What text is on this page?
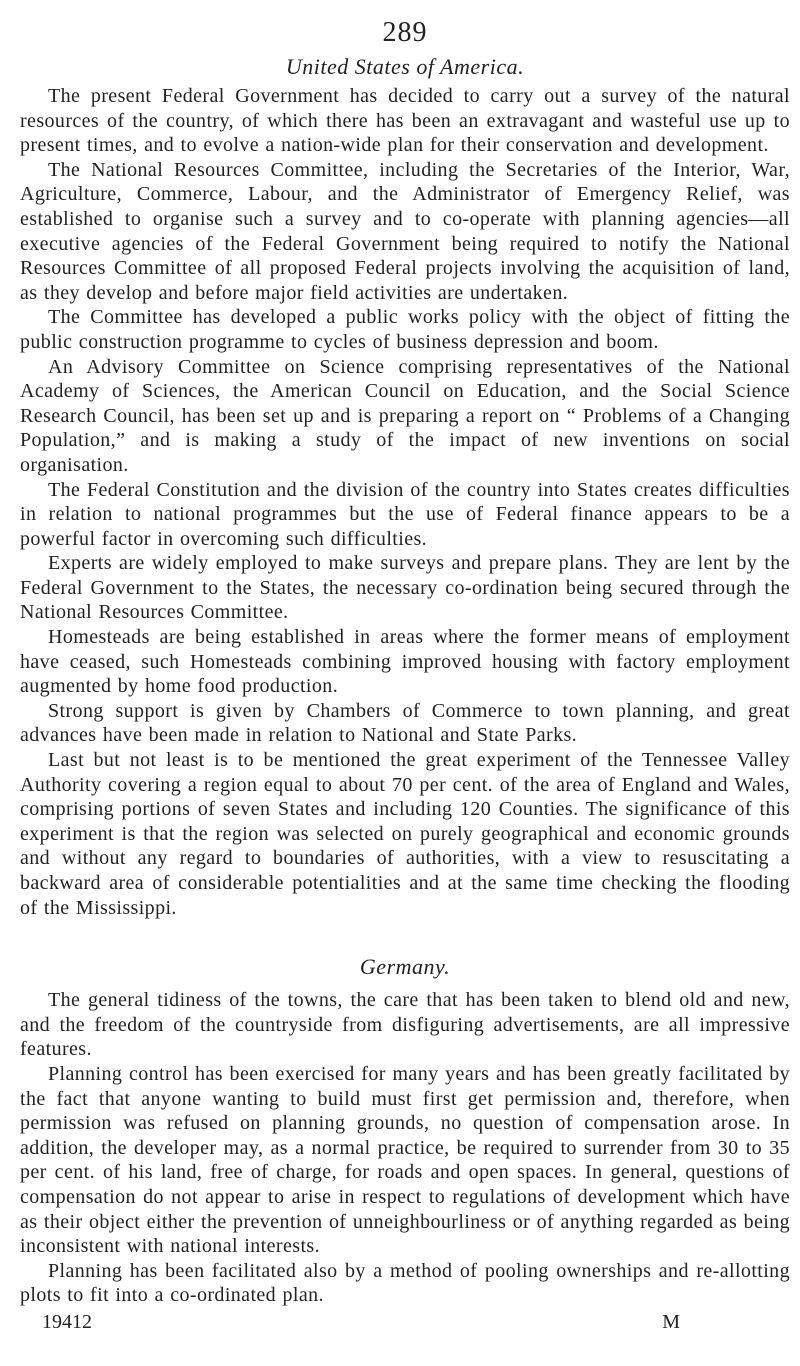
289
United States of America.

The present Federal Government has decided to carry out a survey of the natural resources of the country, of which there has been an extravagant and wasteful use up to present times, and to evolve a nation-wide plan for their conservation and development.

The National Resources Committee, including the Secretaries of the Interior, War, Agriculture, Commerce, Labour, and the Administrator of Emergency Relief, was established to organise such a survey and to co-operate with planning agencies—all executive agencies of the Federal Government being required to notify the National Resources Committee of all proposed Federal projects involving the acquisition of land, as they develop and before major field activities are undertaken.

The Committee has developed a public works policy with the object of fitting the public construction programme to cycles of business depression and boom.

An Advisory Committee on Science comprising representatives of the National Academy of Sciences, the American Council on Education, and the Social Science Research Council, has been set up and is preparing a report on “ Problems of a Changing Population,” and is making a study of the impact of new inventions on social organisation.

The Federal Constitution and the division of the country into States creates difficulties in relation to national programmes but the use of Federal finance appears to be a powerful factor in overcoming such difficulties.

Experts are widely employed to make surveys and prepare plans. They are lent by the Federal Government to the States, the necessary co-ordination being secured through the National Resources Committee.

Homesteads are being established in areas where the former means of employment have ceased, such Homesteads combining improved housing with factory employment augmented by home food production.

Strong support is given by Chambers of Commerce to town planning, and great advances have been made in relation to National and State Parks.

Last but not least is to be mentioned the great experiment of the Tennessee Valley Authority covering a region equal to about 70 per cent. of the area of England and Wales, comprising portions of seven States and including 120 Counties. The significance of this experiment is that the region was selected on purely geographical and economic grounds and without any regard to boundaries of authorities, with a view to resuscitating a backward area of considerable potentialities and at the same time checking the flooding of the Mississippi.

Germany.

The general tidiness of the towns, the care that has been taken to blend old and new, and the freedom of the countryside from disfiguring advertisements, are all impressive features.

Planning control has been exercised for many years and has been greatly facilitated by the fact that anyone wanting to build must first get permission and, therefore, when permission was refused on planning grounds, no question of compensation arose. In addition, the developer may, as a normal practice, be required to surrender from 30 to 35 per cent. of his land, free of charge, for roads and open spaces. In general, questions of compensation do not appear to arise in respect to regulations of development which have as their object either the prevention of unneighbourliness or of anything regarded as being inconsistent with national interests.

Planning has been facilitated also by a method of pooling ownerships and re-allotting plots to fit into a co-ordinated plan.

19412	M
